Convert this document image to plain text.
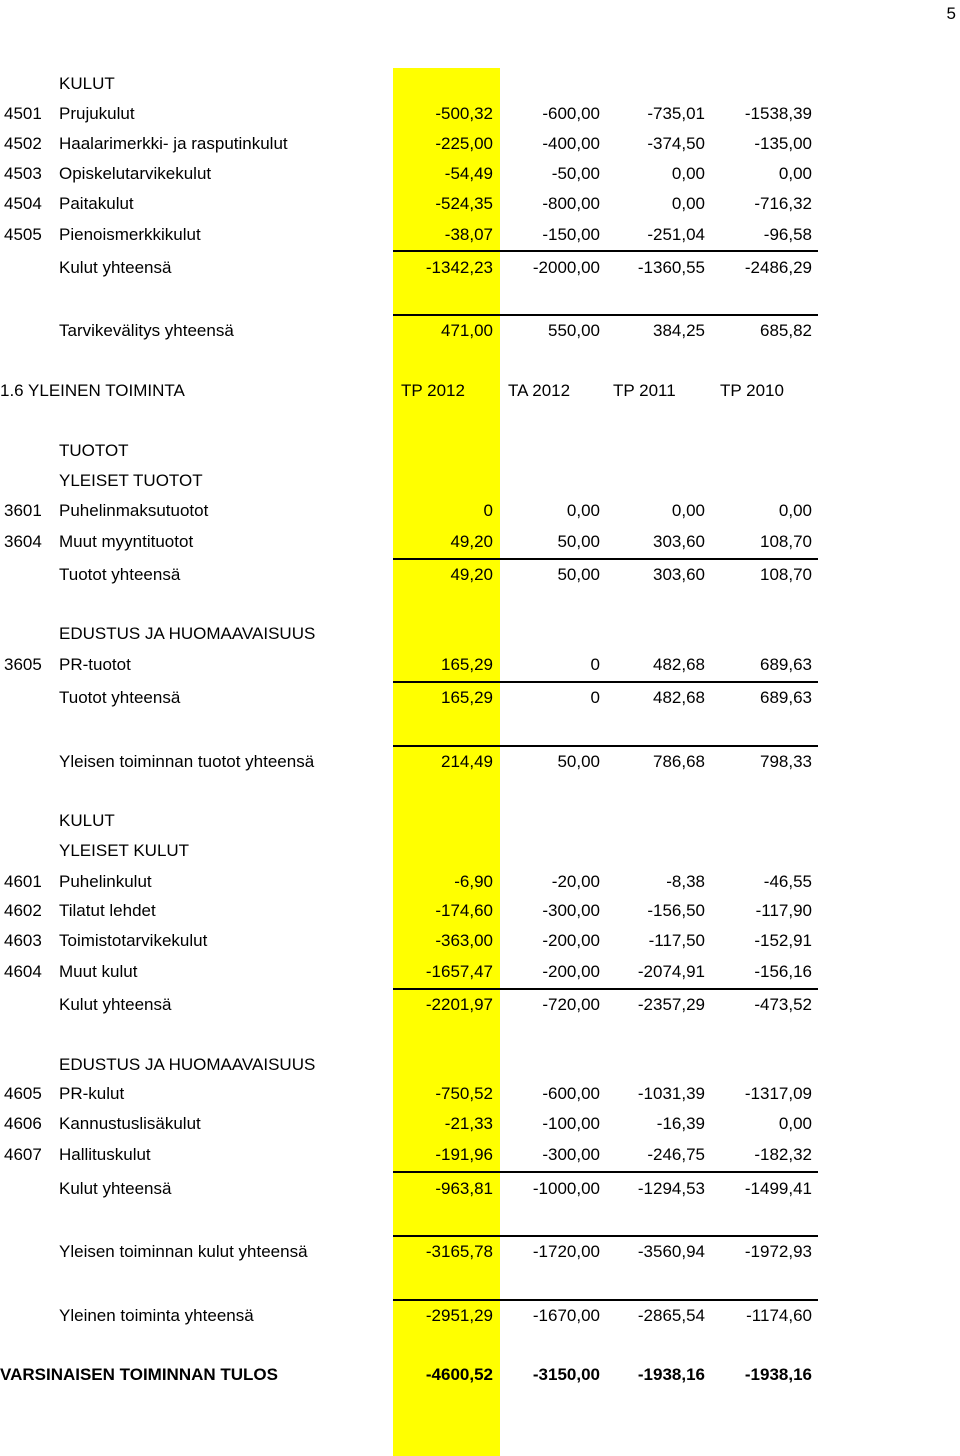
5
KULUT
4501 Prujukulut	-500,32	-600,00	-735,01	-1538,39
4502 Haalarimerkki- ja rasputinkulut	-225,00	-400,00	-374,50	-135,00
4503 Opiskelutarvikekulut	-54,49	-50,00	0,00	0,00
4504 Paitakulut	-524,35	-800,00	0,00	-716,32
4505 Pienoismerkkikulut	-38,07	-150,00	-251,04	-96,58
Kulut yhteensä	-1342,23	-2000,00	-1360,55	-2486,29
Tarvikevälitys yhteensä	471,00	550,00	384,25	685,82
1.6 YLEINEN TOIMINTA	TP 2012	TA 2012	TP 2011	TP 2010
TUOTOT
YLEISET TUOTOT
3601 Puhelinmaksutuotot	0	0,00	0,00	0,00
3604 Muut myyntituotot	49,20	50,00	303,60	108,70
Tuotot yhteensä	49,20	50,00	303,60	108,70
EDUSTUS JA HUOMAAVAISUUS
3605 PR-tuotot	165,29	0	482,68	689,63
Tuotot yhteensä	165,29	0	482,68	689,63
Yleisen toiminnan tuotot yhteensä	214,49	50,00	786,68	798,33
KULUT
YLEISET KULUT
4601 Puhelinkulut	-6,90	-20,00	-8,38	-46,55
4602 Tilatut lehdet	-174,60	-300,00	-156,50	-117,90
4603 Toimistotarvikekulut	-363,00	-200,00	-117,50	-152,91
4604 Muut kulut	-1657,47	-200,00	-2074,91	-156,16
Kulut yhteensä	-2201,97	-720,00	-2357,29	-473,52
EDUSTUS JA HUOMAAVAISUUS
4605 PR-kulut	-750,52	-600,00	-1031,39	-1317,09
4606 Kannustuslisäkulut	-21,33	-100,00	-16,39	0,00
4607 Hallituskulut	-191,96	-300,00	-246,75	-182,32
Kulut yhteensä	-963,81	-1000,00	-1294,53	-1499,41
Yleisen toiminnan kulut yhteensä	-3165,78	-1720,00	-3560,94	-1972,93
Yleinen toiminta yhteensä	-2951,29	-1670,00	-2865,54	-1174,60
VARSINAISEN TOIMINNAN TULOS	-4600,52	-3150,00	-1938,16	-1938,16
